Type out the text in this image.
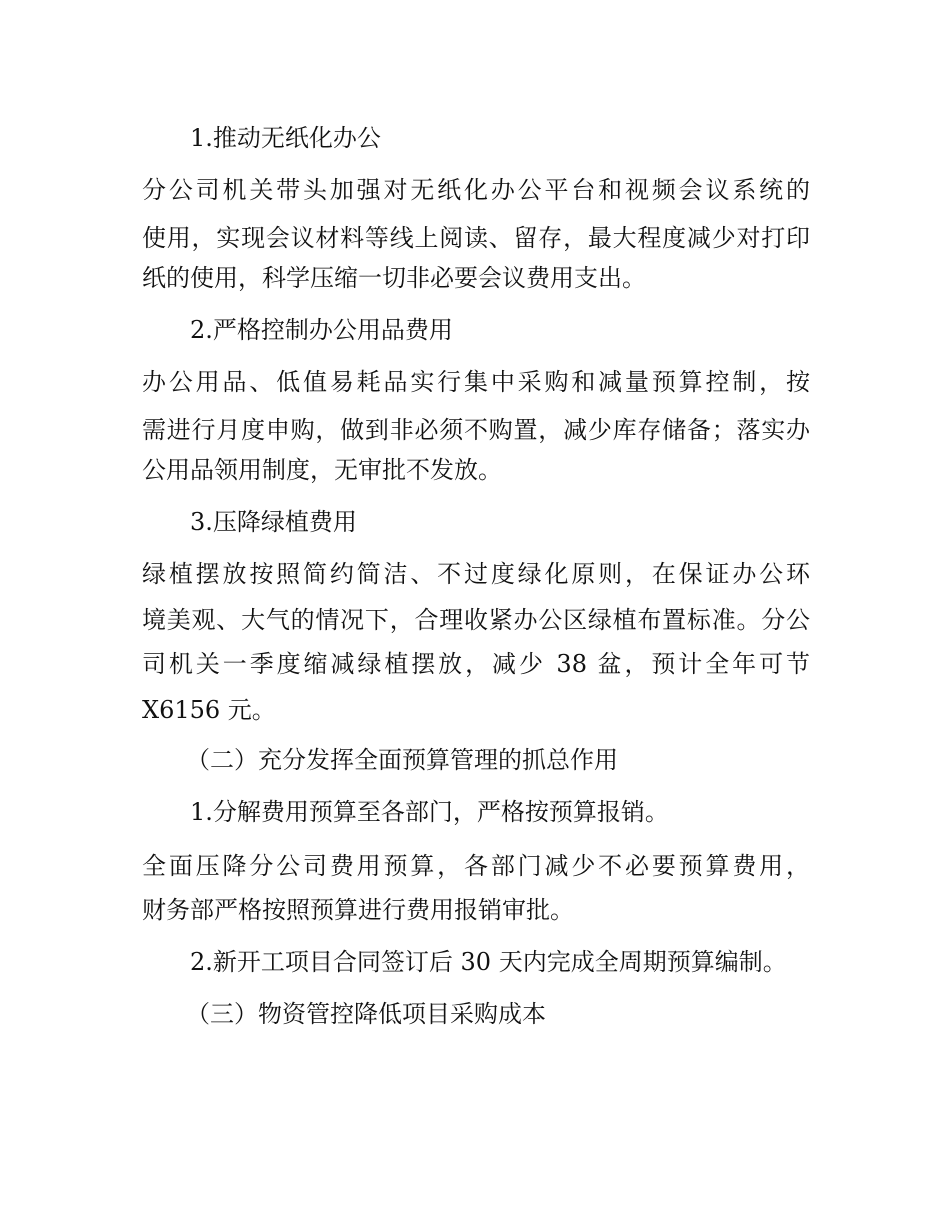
1.推动无纸化办公
分公司机关带头加强对无纸化办公平台和视频会议系统的
使用，实现会议材料等线上阅读、留存，最大程度减少对打印
纸的使用，科学压缩一切非必要会议费用支出。
2.严格控制办公用品费用
办公用品、低值易耗品实行集中采购和减量预算控制，按
需进行月度申购，做到非必须不购置，减少库存储备；落实办
公用品领用制度，无审批不发放。
3.压降绿植费用
绿植摆放按照简约简洁、不过度绿化原则，在保证办公环
境美观、大气的情况下，合理收紧办公区绿植布置标准。分公
司机关一季度缩减绿植摆放，减少 38 盆，预计全年可节
X6156 元。
（二）充分发挥全面预算管理的抓总作用
1.分解费用预算至各部门，严格按预算报销。
全面压降分公司费用预算，各部门减少不必要预算费用，
财务部严格按照预算进行费用报销审批。
2.新开工项目合同签订后 30 天内完成全周期预算编制。
（三）物资管控降低项目采购成本
